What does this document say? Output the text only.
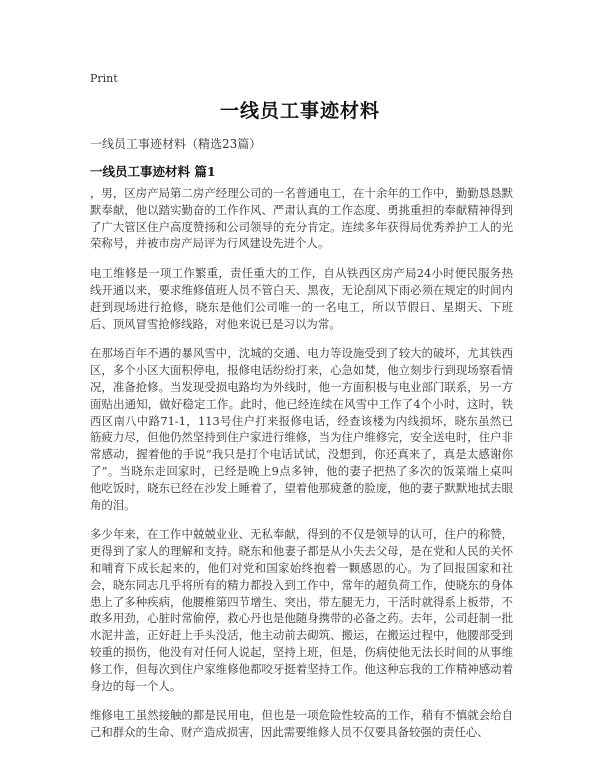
Print
一线员工事迹材料
一线员工事迹材料（精选23篇）
一线员工事迹材料 篇1

，男，区房产局第二房产经理公司的一名普通电工，在十余年的工作中，勤勤恳恳默默奉献，他以踏实勤奋的工作作风、严肃认真的工作态度、勇挑重担的奉献精神得到了广大管区住户高度赞扬和公司领导的充分肯定。连续多年获得局优秀养护工人的光荣称号，并被市房产局评为行风建设先进个人。

电工维修是一项工作繁重，责任重大的工作，自从铁西区房产局24小时便民服务热线开通以来，要求维修值班人员不管白天、黑夜，无论刮风下雨必须在规定的时间内赶到现场进行抢修，晓东是他们公司唯一的一名电工，所以节假日、星期天、下班后、顶风冒雪抢修线路，对他来说已是习以为常。

在那场百年不遇的暴风雪中，沈城的交通、电力等设施受到了较大的破坏，尤其铁西区，多个小区大面积停电，报修电话纷纷打来，心急如焚，他立刻步行到现场察看情况，准备抢修。当发现受损电路均为外线时，他一方面积极与电业部门联系，另一方面贴出通知，做好稳定工作。此时，他已经连续在风雪中工作了4个小时，这时，铁西区南八中路71-1，113号住户打来报修电话，经查该楼为内线损坏，晓东虽然已筋疲力尽，但他仍然坚持到住户家进行维修，当为住户维修完，安全送电时，住户非常感动，握着他的手说“我只是打个电话试试，没想到，你还真来了，真是太感谢你了”。当晓东走回家时，已经是晚上9点多钟，他的妻子把热了多次的饭菜端上桌叫他吃饭时，晓东已经在沙发上睡着了，望着他那疲惫的脸庞，他的妻子默默地拭去眼角的泪。

多少年来，在工作中兢兢业业、无私奉献，得到的不仅是领导的认可，住户的称赞，更得到了家人的理解和支持。晓东和他妻子都是从小失去父母，是在党和人民的关怀和哺育下成长起来的，他们对党和国家始终抱着一颗感恩的心。为了回报国家和社会，晓东同志几乎将所有的精力都投入到工作中，常年的超负荷工作，使晓东的身体患上了多种疾病，他腰椎第四节增生、突出，带左腿无力，干活时就得系上板带，不敢多用劲，心脏时常偷停，救心丹也是他随身携带的必备之药。去年，公司赶制一批水泥井盖，正好赶上手头没活，他主动前去砌筑、搬运，在搬运过程中，他腰部受到较重的损伤，他没有对任何人说起，坚持上班，但是，伤病使他无法长时间的从事维修工作，但每次到住户家维修他都咬牙挺着坚持工作。他这种忘我的工作精神感动着身边的每一个人。

维修电工虽然接触的都是民用电，但也是一项危险性较高的工作，稍有不慎就会给自己和群众的生命、财产造成损害，因此需要维修人员不仅要具备较强的责任心、
